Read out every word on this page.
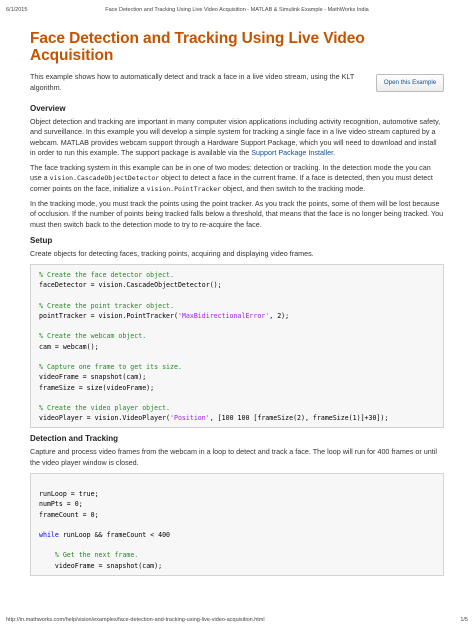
6/1/2015	Face Detection and Tracking Using Live Video Acquisition - MATLAB & Simulink Example - MathWorks India
Face Detection and Tracking Using Live Video Acquisition

This example shows how to automatically detect and track a face in a live video stream, using the KLT algorithm.	Open this Example
Overview

Object detection and tracking are important in many computer vision applications including activity recognition, automotive safety, and surveillance. In this example you will develop a simple system for tracking a single face in a live video stream captured by a webcam. MATLAB provides webcam support through a Hardware Support Package, which you will need to download and install in order to run this example. The support package is available via the Support Package Installer.

The face tracking system in this example can be in one of two modes: detection or tracking. In the detection mode the you can use a vision.CascadeObjectDetector object to detect a face in the current frame. If a face is detected, then you must detect corner points on the face, initialize a vision.PointTracker object, and then switch to the tracking mode.

In the tracking mode, you must track the points using the point tracker. As you track the points, some of them will be lost because of occlusion. If the number of points being tracked falls below a threshold, that means that the face is no longer being tracked. You must then switch back to the detection mode to try to re-acquire the face.

Setup

Create objects for detecting faces, tracking points, acquiring and displaying video frames.

% Create the face detector object.
faceDetector = vision.CascadeObjectDetector();

% Create the point tracker object.
pointTracker = vision.PointTracker('MaxBidirectionalError', 2);

% Create the webcam object.
cam = webcam();

% Capture one frame to get its size.
videoFrame = snapshot(cam);
frameSize = size(videoFrame);

% Create the video player object.
videoPlayer = vision.VideoPlayer('Position', [100 100 [frameSize(2), frameSize(1)]+30]);
Detection and Tracking

Capture and process video frames from the webcam in a loop to detect and track a face. The loop will run for 400 frames or until the video player window is closed.

runLoop = true;
numPts = 0;
frameCount = 0;

while runLoop && frameCount < 400

% Get the next frame.
videoFrame = snapshot(cam);
http://in.mathworks.com/help/vision/examples/face-detection-and-tracking-using-live-video-acquisition.html	1/5
